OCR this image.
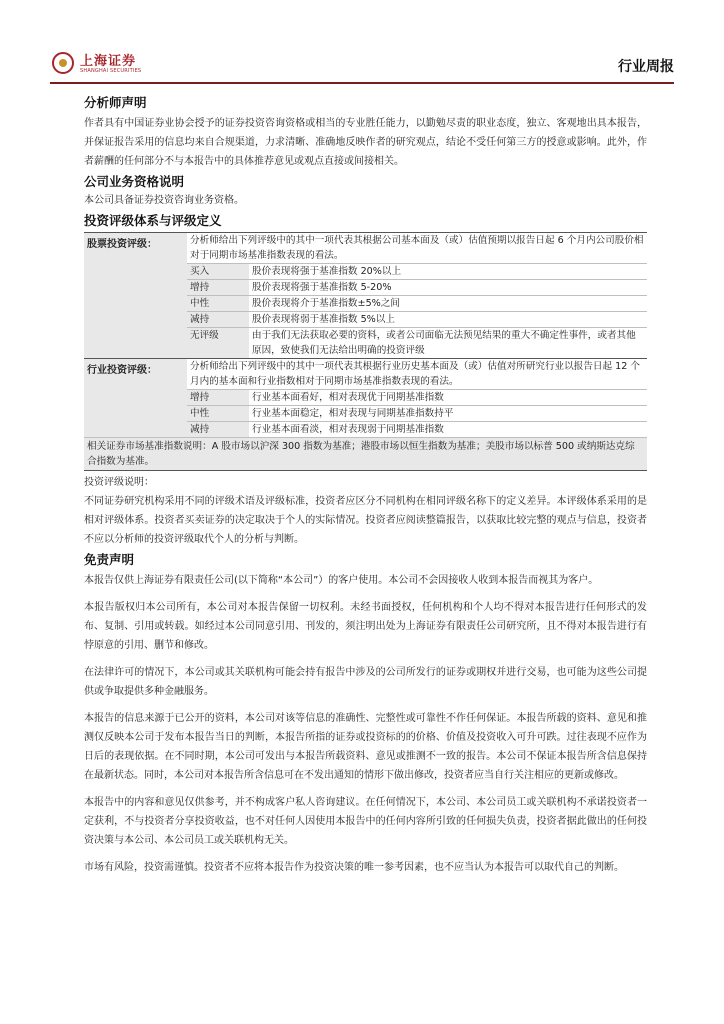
上海证券
SHANGHAI SECURITIES	行业周报
分析师声明

作者具有中国证券业协会授予的证券投资咨询资格或相当的专业胜任能力，以勤勉尽责的职业态度，独立、客观地出具本报告，并保证报告采用的信息均来自合规渠道，力求清晰、准确地反映作者的研究观点，结论不受任何第三方的授意或影响。此外，作者薪酬的任何部分不与本报告中的具体推荐意见或观点直接或间接相关。

公司业务资格说明

本公司具备证券投资咨询业务资格。

投资评级体系与评级定义
股票投资评级：	分析师给出下列评级中的其中一项代表其根据公司基本面及（或）估值预期以报告日起 6 个月内公司股价相对于同期市场基准指数表现的看法。	
	买入	股价表现将强于基准指数 20%以上
	增持	股价表现将强于基准指数 5-20%
	中性	股价表现将介于基准指数±5%之间
	减持	股价表现将弱于基准指数 5%以上
	无评级	由于我们无法获取必要的资料，或者公司面临无法预见结果的重大不确定性事件，或者其他原因，致使我们无法给出明确的投资评级
行业投资评级：	分析师给出下列评级中的其中一项代表其根据行业历史基本面及（或）估值对所研究行业以报告日起 12 个月内的基本面和行业指数相对于同期市场基准指数表现的看法。	
	增持	行业基本面看好，相对表现优于同期基准指数
	中性	行业基本面稳定，相对表现与同期基准指数持平
	减持	行业基本面看淡，相对表现弱于同期基准指数
相关证券市场基准指数说明：A 股市场以沪深 300 指数为基准；港股市场以恒生指数为基准；美股市场以标普 500 或纳斯达克综合指数为基准。		

投资评级说明：

不同证券研究机构采用不同的评级术语及评级标准，投资者应区分不同机构在相同评级名称下的定义差异。本评级体系采用的是相对评级体系。投资者买卖证券的决定取决于个人的实际情况。投资者应阅读整篇报告，以获取比较完整的观点与信息，投资者不应以分析师的投资评级取代个人的分析与判断。

免责声明

本报告仅供上海证券有限责任公司(以下简称“本公司”）的客户使用。本公司不会因接收人收到本报告而视其为客户。

本报告版权归本公司所有，本公司对本报告保留一切权利。未经书面授权，任何机构和个人均不得对本报告进行任何形式的发布、复制、引用或转载。如经过本公司同意引用、刊发的，须注明出处为上海证券有限责任公司研究所，且不得对本报告进行有悖原意的引用、删节和修改。

在法律许可的情况下，本公司或其关联机构可能会持有报告中涉及的公司所发行的证券或期权并进行交易，也可能为这些公司提供或争取提供多种金融服务。

本报告的信息来源于已公开的资料，本公司对该等信息的准确性、完整性或可靠性不作任何保证。本报告所载的资料、意见和推测仅反映本公司于发布本报告当日的判断，本报告所指的证券或投资标的的价格、价值及投资收入可升可跌。过往表现不应作为日后的表现依据。在不同时期，本公司可发出与本报告所载资料、意见或推测不一致的报告。本公司不保证本报告所含信息保持在最新状态。同时，本公司对本报告所含信息可在不发出通知的情形下做出修改，投资者应当自行关注相应的更新或修改。

本报告中的内容和意见仅供参考，并不构成客户私人咨询建议。在任何情况下，本公司、本公司员工或关联机构不承诺投资者一定获利，不与投资者分享投资收益，也不对任何人因使用本报告中的任何内容所引致的任何损失负责，投资者据此做出的任何投资决策与本公司、本公司员工或关联机构无关。

市场有风险，投资需谨慎。投资者不应将本报告作为投资决策的唯一参考因素，也不应当认为本报告可以取代自己的判断。
